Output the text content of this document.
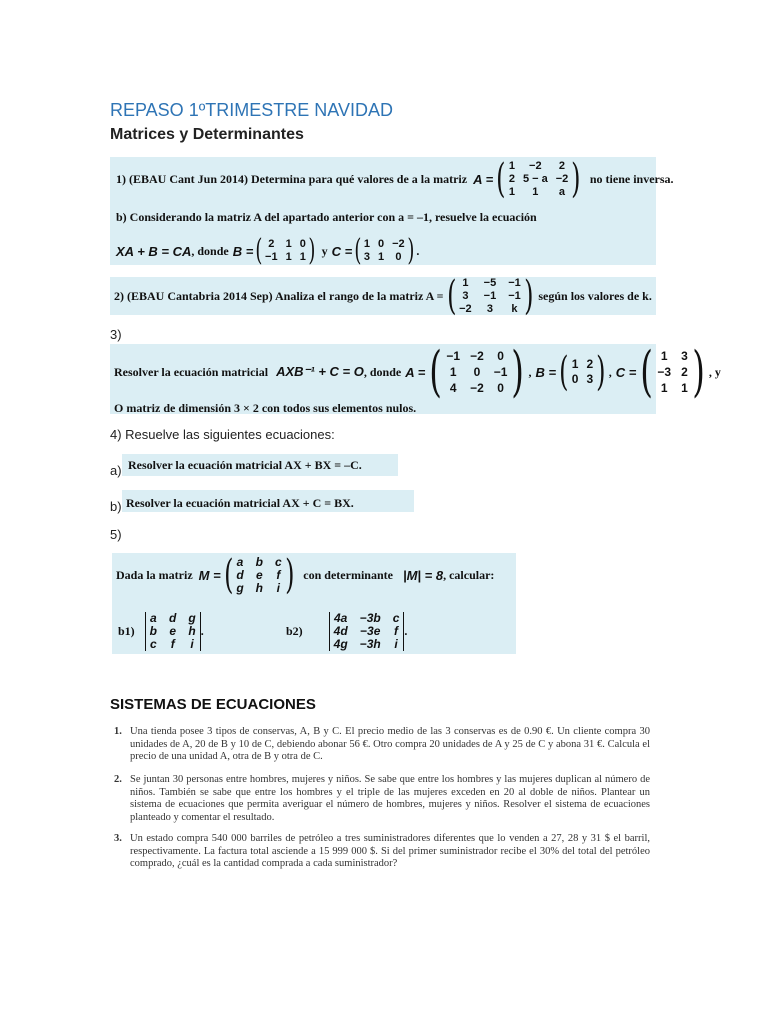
REPASO 1ºTRIMESTRE NAVIDAD
Matrices y Determinantes
1) (EBAU Cant Jun 2014) Determina para qué valores de a la matriz A = ( 1	−2	2
2 5 − a −2
1	1	a ) no tiene inversa.
b) Considerando la matriz A del apartado anterior con a = –1, resuelve la ecuación
XA + B = CA , donde B = ( 2 1 0
−1 1 1 ) y C = ( 1 0 −2
3 1 0 ) .
2) (EBAU Cantabria 2014 Sep) Analiza el rango de la matriz A = ( 1 −5 −1
3 −1 −1
−2 3 k ) según los valores de k.
3)
Resolver la ecuación matricial AXB⁻¹ + C = O , donde A = ( −1 −2 0
1 0 −1
4 −2 0 ) , B = ( 1 2
0 3 ) , C = ( 1 3
−3 2
1 1 ) , y
O matriz de dimensión 3 × 2 con todos sus elementos nulos.
4) Resuelve las siguientes ecuaciones:
a) Resolver la ecuación matricial AX + BX = –C.
b) Resolver la ecuación matricial AX + C = BX.
5)
Dada la matriz M = ( a b c
d e f
g h i ) con determinante |M| = 8 , calcular:
b1)
a d g
b e h
c f i
.	b2)
4a −3b c
4d −3e f
4g −3h i
.
SISTEMAS DE ECUACIONES
1. Una tienda posee 3 tipos de conservas, A, B y C. El precio medio de las 3 conservas es de 0.90 €. Un cliente compra 30 unidades de A, 20 de B y 10 de C, debiendo abonar 56 €. Otro compra 20 unidades de A y 25 de C y abona 31 €. Calcula el precio de una unidad A, otra de B y otra de C.
2. Se juntan 30 personas entre hombres, mujeres y niños. Se sabe que entre los hombres y las mujeres duplican al número de niños. También se sabe que entre los hombres y el triple de las mujeres exceden en 20 al doble de niños. Plantear un sistema de ecuaciones que permita averiguar el número de hombres, mujeres y niños. Resolver el sistema de ecuaciones planteado y comentar el resultado.
3. Un estado compra 540 000 barriles de petróleo a tres suministradores diferentes que lo venden a 27, 28 y 31 $ el barril, respectivamente. La factura total asciende a 15 999 000 $. Si del primer suministrador recibe el 30% del total del petróleo comprado, ¿cuál es la cantidad comprada a cada suministrador?
